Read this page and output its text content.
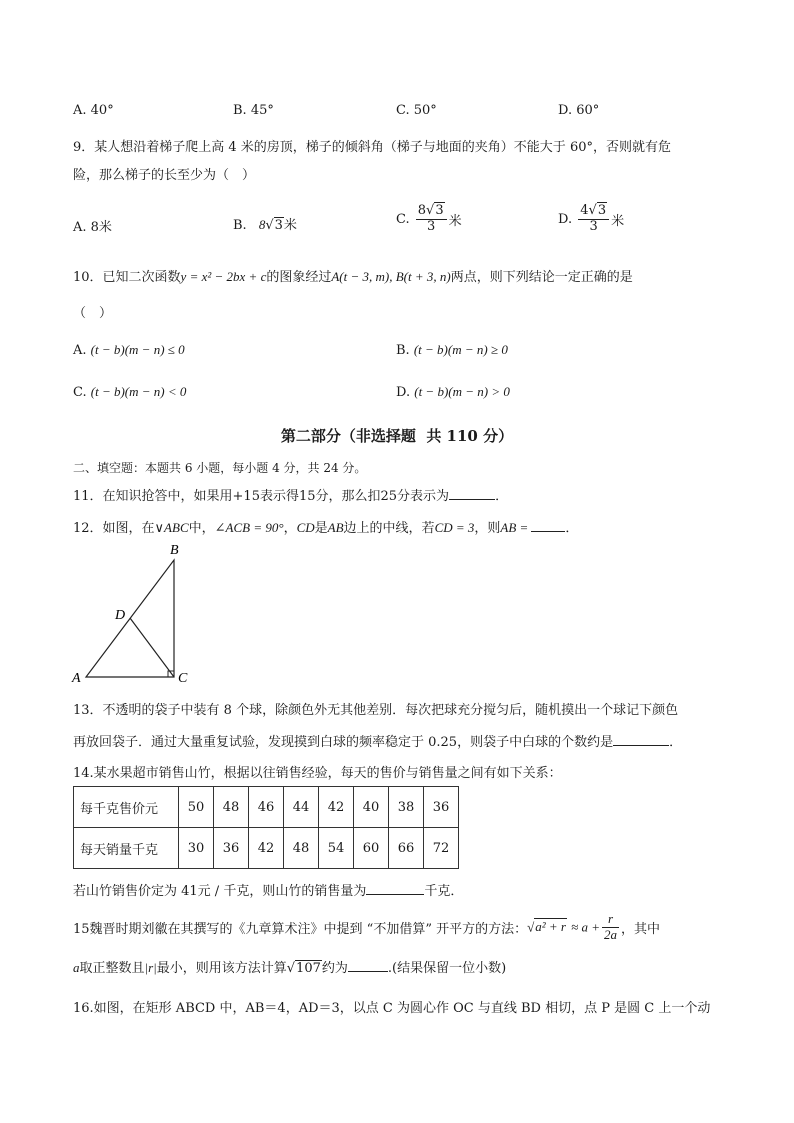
A. 40°	B. 45°	C. 50°	D. 60°
9．某人想沿着梯子爬上高 4 米的房顶，梯子的倾斜角（梯子与地面的夹角）不能大于 60°，否则就有危
险，那么梯子的长至少为（　）
A. 8米	B. 8√3米	C. $\frac{8√3}{3}$ 米	D. $\frac{4√3}{3}$ 米
10．已知二次函数y = x² − 2bx + c的图象经过A(t − 3, m), B(t + 3, n)两点，则下列结论一定正确的是
（　）
A. (t − b)(m − n) ≤ 0	B. (t − b)(m − n) ≥ 0
C. (t − b)(m − n) < 0	D. (t − b)(m − n) > 0
第二部分（非选择题  共 110 分）
二、填空题：本题共 6 小题，每小题 4 分，共 24 分。
11．在知识抢答中，如果用+15表示得15分，那么扣25分表示为	．
12．如图，在∨ABC中，∠ACB = 90°，CD是AB边上的中线，若CD = 3，则AB =	．
B
D
A	C
13．不透明的袋子中装有 8 个球，除颜色外无其他差别．每次把球充分搅匀后，随机摸出一个球记下颜色
再放回袋子．通过大量重复试验，发现摸到白球的频率稳定于 0.25，则袋子中白球的个数约是	．
14.某水果超市销售山竹，根据以往销售经验，每天的售价与销售量之间有如下关系：
每千克售价元	50	48	46	44	42	40	38	36
每天销量千克	30	36	42	48	54	60	66	72
若山竹销售价定为 41元 / 千克，则山竹的销售量为	千克．
15魏晋时期刘徽在其撰写的《九章算术注》中提到 “不加借算” 开平方的方法：$√a^2 + r \approx a + \frac{r}{2a}$ ，其中
a取正整数且|r|最小，则用该方法计算√107约为	.(结果保留一位小数)
16.如图，在矩形 ABCD 中，AB＝4，AD＝3，以点 C 为圆心作 OC 与直线 BD 相切，点 P 是圆 C 上一个动
